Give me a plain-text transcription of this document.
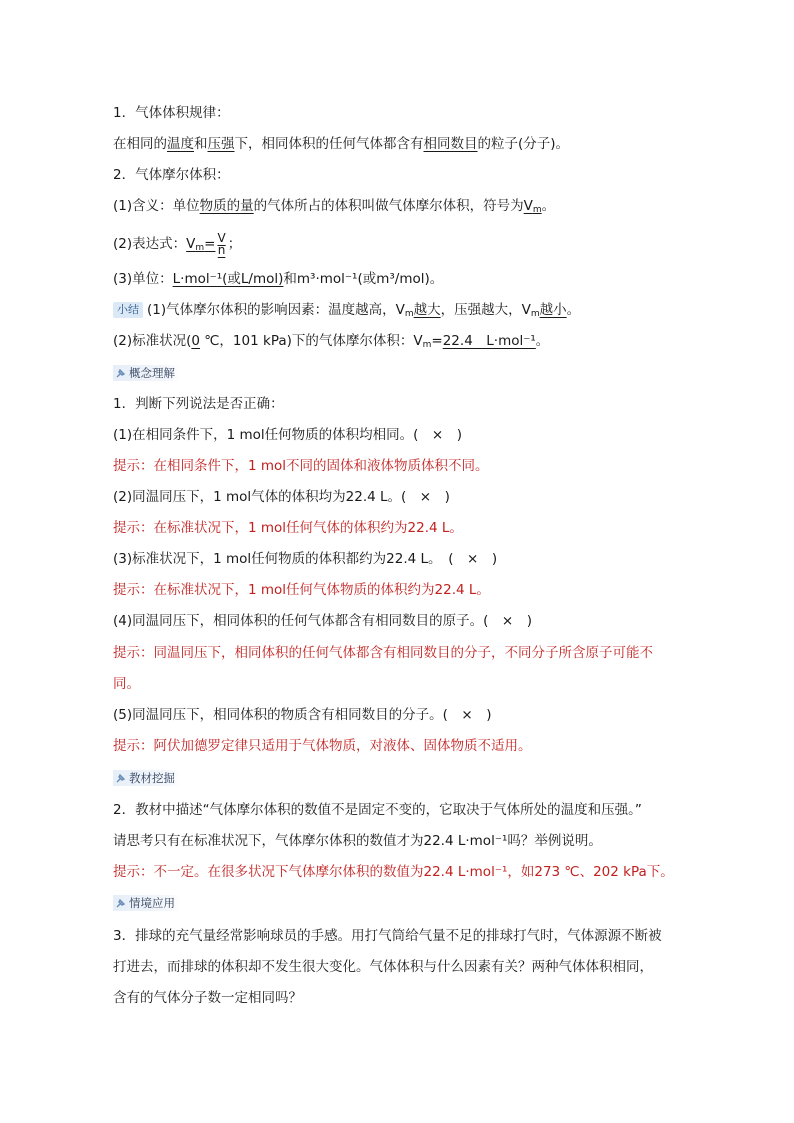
1．气体体积规律：
在相同的温度和压强下，相同体积的任何气体都含有相同数目的粒子(分子)。
2．气体摩尔体积：
(1)含义：单位物质的量的气体所占的体积叫做气体摩尔体积，符号为$V_m$。
(2)表达式：$V_m= \frac{V}{n}$ ；
(3)单位：L·mol⁻¹(或L/mol)和m³·mol⁻¹(或m³/mol)。
小结 (1)气体摩尔体积的影响因素：温度越高，$V_m$越大，压强越大，$V_m$越小。
(2)标准状况(0 ℃，101 kPa)下的气体摩尔体积：$V_m=22.4$　L·mol⁻¹。
概念理解
1．判断下列说法是否正确：
(1)在相同条件下，1 mol任何物质的体积均相同。(　×　)
提示：在相同条件下，1 mol不同的固体和液体物质体积不同。
(2)同温同压下，1 mol气体的体积均为22.4 L。(　×　)
提示：在标准状况下，1 mol任何气体的体积约为22.4 L。
(3)标准状况下，1 mol任何物质的体积都约为22.4 L。　(　×　)
提示：在标准状况下，1 mol任何气体物质的体积约为22.4 L。
(4)同温同压下，相同体积的任何气体都含有相同数目的原子。(　×　)
提示：同温同压下，相同体积的任何气体都含有相同数目的分子，不同分子所含原子可能不
同。
(5)同温同压下，相同体积的物质含有相同数目的分子。(　×　)
提示：阿伏加德罗定律只适用于气体物质，对液体、固体物质不适用。
教材挖掘
2．教材中描述“气体摩尔体积的数值不是固定不变的，它取决于气体所处的温度和压强。”
请思考只有在标准状况下，气体摩尔体积的数值才为22.4 L·mol⁻¹吗？举例说明。
提示：不一定。在很多状况下气体摩尔体积的数值为22.4 L·mol⁻¹，如273 ℃、202 kPa下。
情境应用
3．排球的充气量经常影响球员的手感。用打气筒给气量不足的排球打气时，气体源源不断被
打进去，而排球的体积却不发生很大变化。气体体积与什么因素有关？两种气体体积相同，
含有的气体分子数一定相同吗？
